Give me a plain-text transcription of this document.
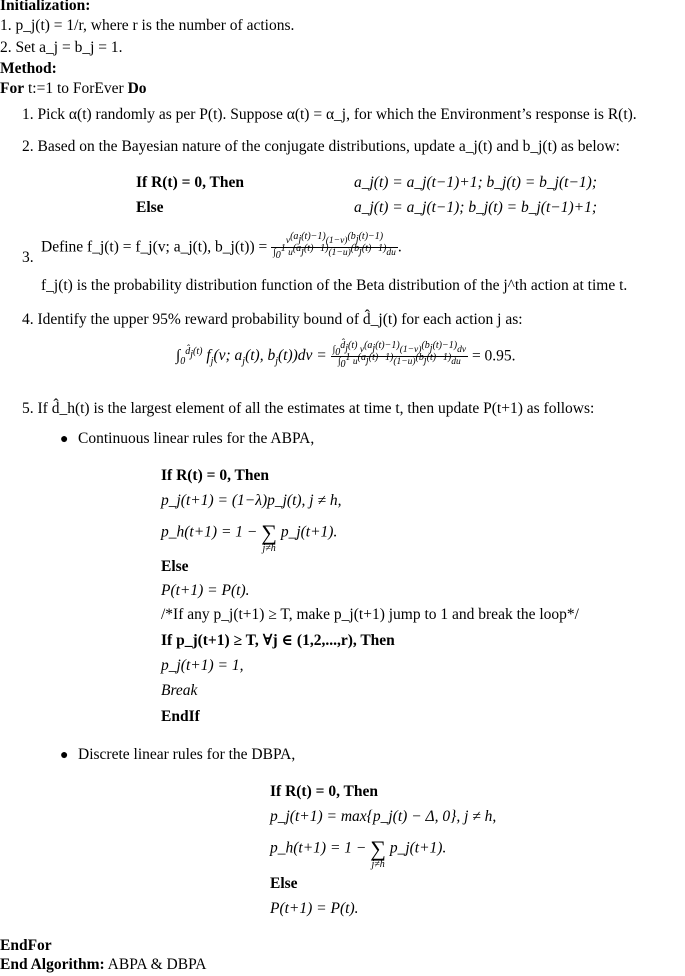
Initialization:
1. p_j(t) = 1/r, where r is the number of actions.
2. Set a_j = b_j = 1.
Method:
For t:=1 to ForEver Do
1. Pick α(t) randomly as per P(t). Suppose α(t) = α_j, for which the Environment’s response is R(t).
2. Based on the Bayesian nature of the conjugate distributions, update a_j(t) and b_j(t) as below:
If R(t) = 0, Then	a_j(t) = a_j(t−1)+1; b_j(t) = b_j(t−1);
Else	a_j(t) = a_j(t−1); b_j(t) = b_j(t−1)+1;
3.
Define f_j(t) = f_j(v; a_j(t), b_j(t)) = $\frac{v^{(a_j(t)-1)}(1-v)^{(b_j(t)-1)}}{\int_0^1 u^{(a_j(t)-1)}(1-u)^{(b_j(t)-1)}du}$ .
f_j(t) is the probability distribution function of the Beta distribution of the j^th action at time t.
4. Identify the upper 95% reward probability bound of d̂_j(t) for each action j as:
$\int_0^{d̂_j(t)}$ $f_j(v$; $a_j(t)$, $b_j(t))dv = \frac{\int_0^{d̂_j(t)} v^{(a_j(t)-1)}(1-v)^{(b_j(t)-1)}dv}{\int_0^1 u^{(a_j(t)-1)}(1-u)^{(b_j(t)-1)}du} = 0.95$.
5. If d̂_h(t) is the largest element of all the estimates at time t, then update P(t+1) as follows:
● Continuous linear rules for the ABPA,
If R(t) = 0, Then
p_j(t+1) = (1−λ)p_j(t), j ≠ h,
p_h(t+1) = 1 − ∑
j≠h
p_j(t+1).
Else
P(t+1) = P(t).
/*If any p_j(t+1) ≥ T, make p_j(t+1) jump to 1 and break the loop*/
If p_j(t+1) ≥ T, ∀j ∈ (1,2,...,r), Then
p_j(t+1) = 1,
Break
EndIf
● Discrete linear rules for the DBPA,
If R(t) = 0, Then
p_j(t+1) = max{p_j(t) − Δ, 0}, j ≠ h,
p_h(t+1) = 1 − ∑
j≠h
p_j(t+1).
Else
P(t+1) = P(t).
EndFor
End Algorithm: ABPA & DBPA
